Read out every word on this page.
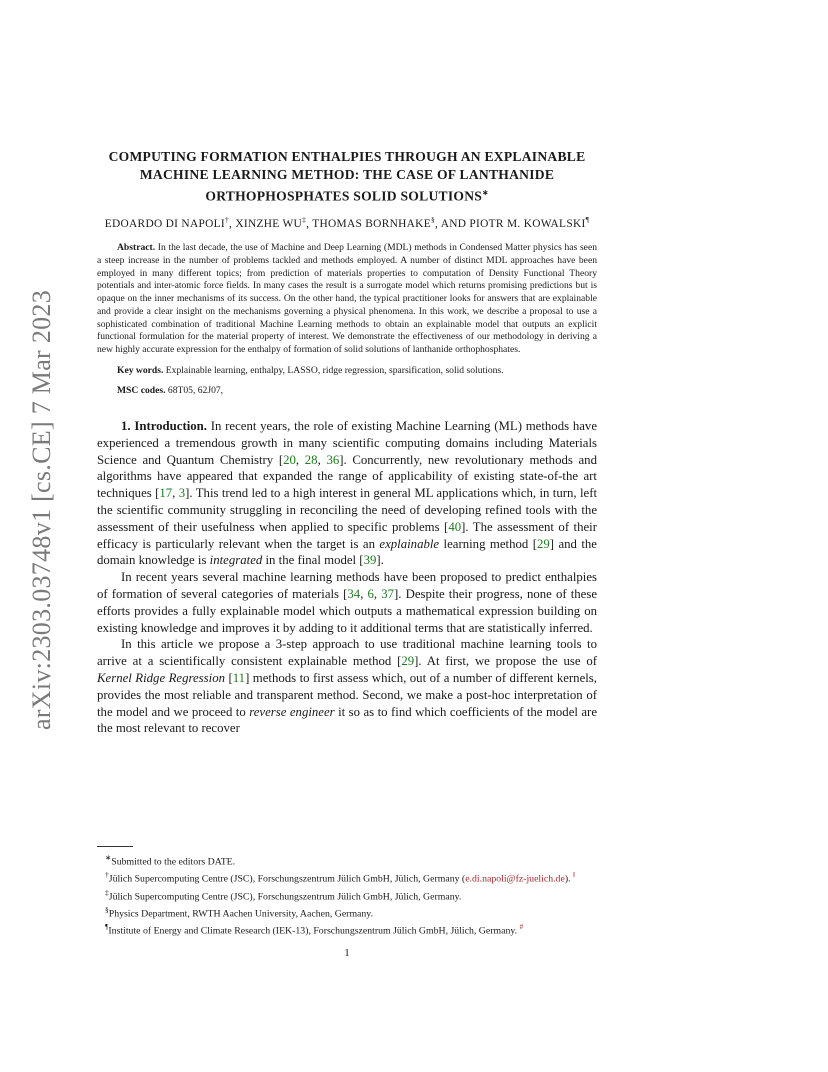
arXiv:2303.03748v1 [cs.CE] 7 Mar 2023
COMPUTING FORMATION ENTHALPIES THROUGH AN EXPLAINABLE MACHINE LEARNING METHOD: THE CASE OF LANTHANIDE ORTHOPHOSPHATES SOLID SOLUTIONS∗
EDOARDO DI NAPOLI†, XINZHE WU‡, THOMAS BORNHAKE§, AND PIOTR M. KOWALSKI¶
Abstract. In the last decade, the use of Machine and Deep Learning (MDL) methods in Condensed Matter physics has seen a steep increase in the number of problems tackled and methods employed. A number of distinct MDL approaches have been employed in many different topics; from prediction of materials properties to computation of Density Functional Theory potentials and inter-atomic force fields. In many cases the result is a surrogate model which returns promising predictions but is opaque on the inner mechanisms of its success. On the other hand, the typical practitioner looks for answers that are explainable and provide a clear insight on the mechanisms governing a physical phenomena. In this work, we describe a proposal to use a sophisticated combination of traditional Machine Learning methods to obtain an explainable model that outputs an explicit functional formulation for the material property of interest. We demonstrate the effectiveness of our methodology in deriving a new highly accurate expression for the enthalpy of formation of solid solutions of lanthanide orthophosphates.
Key words. Explainable learning, enthalpy, LASSO, ridge regression, sparsification, solid solutions.
MSC codes. 68T05, 62J07,

1. Introduction. In recent years, the role of existing Machine Learning (ML) methods have experienced a tremendous growth in many scientific computing domains including Materials Science and Quantum Chemistry [20, 28, 36]. Concurrently, new revolutionary methods and algorithms have appeared that expanded the range of applicability of existing state-of-the art techniques [17, 3]. This trend led to a high interest in general ML applications which, in turn, left the scientific community struggling in reconciling the need of developing refined tools with the assessment of their usefulness when applied to specific problems [40]. The assessment of their efficacy is particularly relevant when the target is an explainable learning method [29] and the domain knowledge is integrated in the final model [39].

In recent years several machine learning methods have been proposed to predict enthalpies of formation of several categories of materials [34, 6, 37]. Despite their progress, none of these efforts provides a fully explainable model which outputs a mathematical expression building on existing knowledge and improves it by adding to it additional terms that are statistically inferred.

In this article we propose a 3-step approach to use traditional machine learning tools to arrive at a scientifically consistent explainable method [29]. At first, we propose the use of Kernel Ridge Regression [11] methods to first assess which, out of a number of different kernels, provides the most reliable and transparent method. Second, we make a post-hoc interpretation of the model and we proceed to reverse engineer it so as to find which coefficients of the model are the most relevant to recover

∗Submitted to the editors DATE.
†Jülich Supercomputing Centre (JSC), Forschungszentrum Jülich GmbH, Jülich, Germany (e.di.napoli@fz-juelich.de). ‖
‡Jülich Supercomputing Centre (JSC), Forschungszentrum Jülich GmbH, Jülich, Germany.
§Physics Department, RWTH Aachen University, Aachen, Germany.
¶Institute of Energy and Climate Research (IEK-13), Forschungszentrum Jülich GmbH, Jülich, Germany. #
1
